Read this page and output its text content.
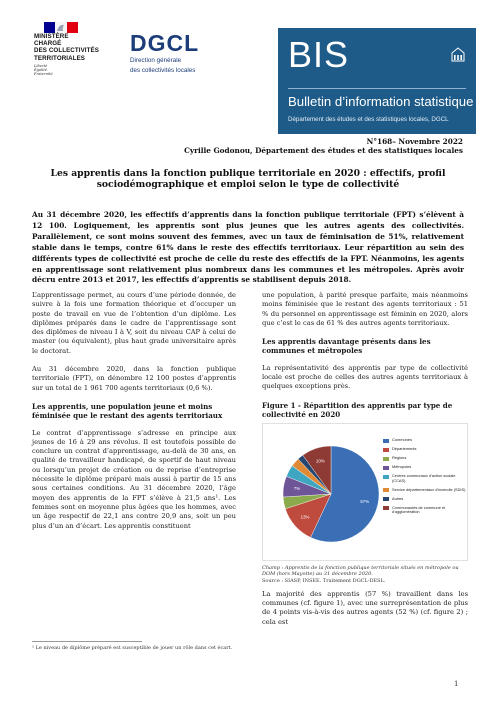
MINISTÈRE
CHARGÉ
DES COLLECTIVITÉS
TERRITORIALES
Liberté
Égalité
Fraternité
DGCL
Direction générale
des collectivités locales	BIS
Bulletin d’information statistique
Département des études et des statistiques locales, DGCL
N°168– Novembre 2022
Cyrille Godonou, Département des études et des statistiques locales
Les apprentis dans la fonction publique territoriale en 2020 : effectifs, profil sociodémographique et emploi selon le type de collectivité

Au 31 décembre 2020, les effectifs d’apprentis dans la fonction publique territoriale (FPT) s’élèvent à 12 100. Logiquement, les apprentis sont plus jeunes que les autres agents des collectivités. Parallèlement, ce sont moins souvent des femmes, avec un taux de féminisation de 51%, relativement stable dans le temps, contre 61% dans le reste des effectifs territoriaux. Leur répartition au sein des différents types de collectivité est proche de celle du reste des effectifs de la FPT. Néanmoins, les agents en apprentissage sont relativement plus nombreux dans les communes et les métropoles. Après avoir décru entre 2013 et 2017, les effectifs d’apprentis se stabilisent depuis 2018.

L’apprentissage permet, au cours d’une période donnée, de suivre à la fois une formation théorique et d’occuper un poste de travail en vue de l’obtention d’un diplôme. Les diplômes préparés dans le cadre de l’apprentissage sont des diplômes de niveau I à V, soit du niveau CAP à celui de master (ou équivalent), plus haut grade universitaire après le doctorat.

Au 31 décembre 2020, dans la fonction publique territoriale (FPT), on dénombre 12 100 postes d’apprentis sur un total de 1 961 700 agents territoriaux (0,6 %).

Les apprentis, une population jeune et moins féminisée que le restant des agents territoriaux

Le contrat d’apprentissage s’adresse en principe aux jeunes de 16 à 29 ans révolus. Il est toutefois possible de conclure un contrat d’apprentissage, au-delà de 30 ans, en qualité de travailleur handicapé, de sportif de haut niveau ou lorsqu’un projet de création ou de reprise d’entreprise nécessite le diplôme préparé mais aussi à partir de 15 ans sous certaines conditions. Au 31 décembre 2020, l’âge moyen des apprentis de la FPT s’élève à 21,5 ans¹. Les femmes sont en moyenne plus âgées que les hommes, avec un âge respectif de 22,1 ans contre 20,9 ans, soit un peu plus d’un an d’écart. Les apprentis constituent

une population, à parité presque parfaite, mais néanmoins moins féminisée que le restant des agents territoriaux : 51 % du personnel en apprentissage est féminin en 2020, alors que c’est le cas de 61 % des autres agents territoriaux.

Les apprentis davantage présents dans les communes et métropoles

La représentativité des apprentis par type de collectivité locale est proche de celles des autres agents territoriaux à quelques exceptions près.

Figure 1 - Répartition des apprentis par type de collectivité en 2020
57%
13%
7%
10%
Communes
Départements
Régions
Métropoles
Centres communaux d'action sociale (CCAS)
Service départementaux d'incendie (SDIS)
Autres
Communautés de commune et d'agglomération
Champ : Apprentis de la fonction publique territoriale situés en métropole ou DOM (hors Mayotte) au 31 décembre 2020.
Source : SIASP, INSEE. Traitement DGCL-DESL.

La majorité des apprentis (57 %) travaillent dans les communes (cf. figure 1), avec une surreprésentation de plus de 4 points vis-à-vis des autres agents (52 %) (cf. figure 2) ; cela est

¹ Le niveau de diplôme préparé est susceptible de jouer un rôle dans cet écart.
1
